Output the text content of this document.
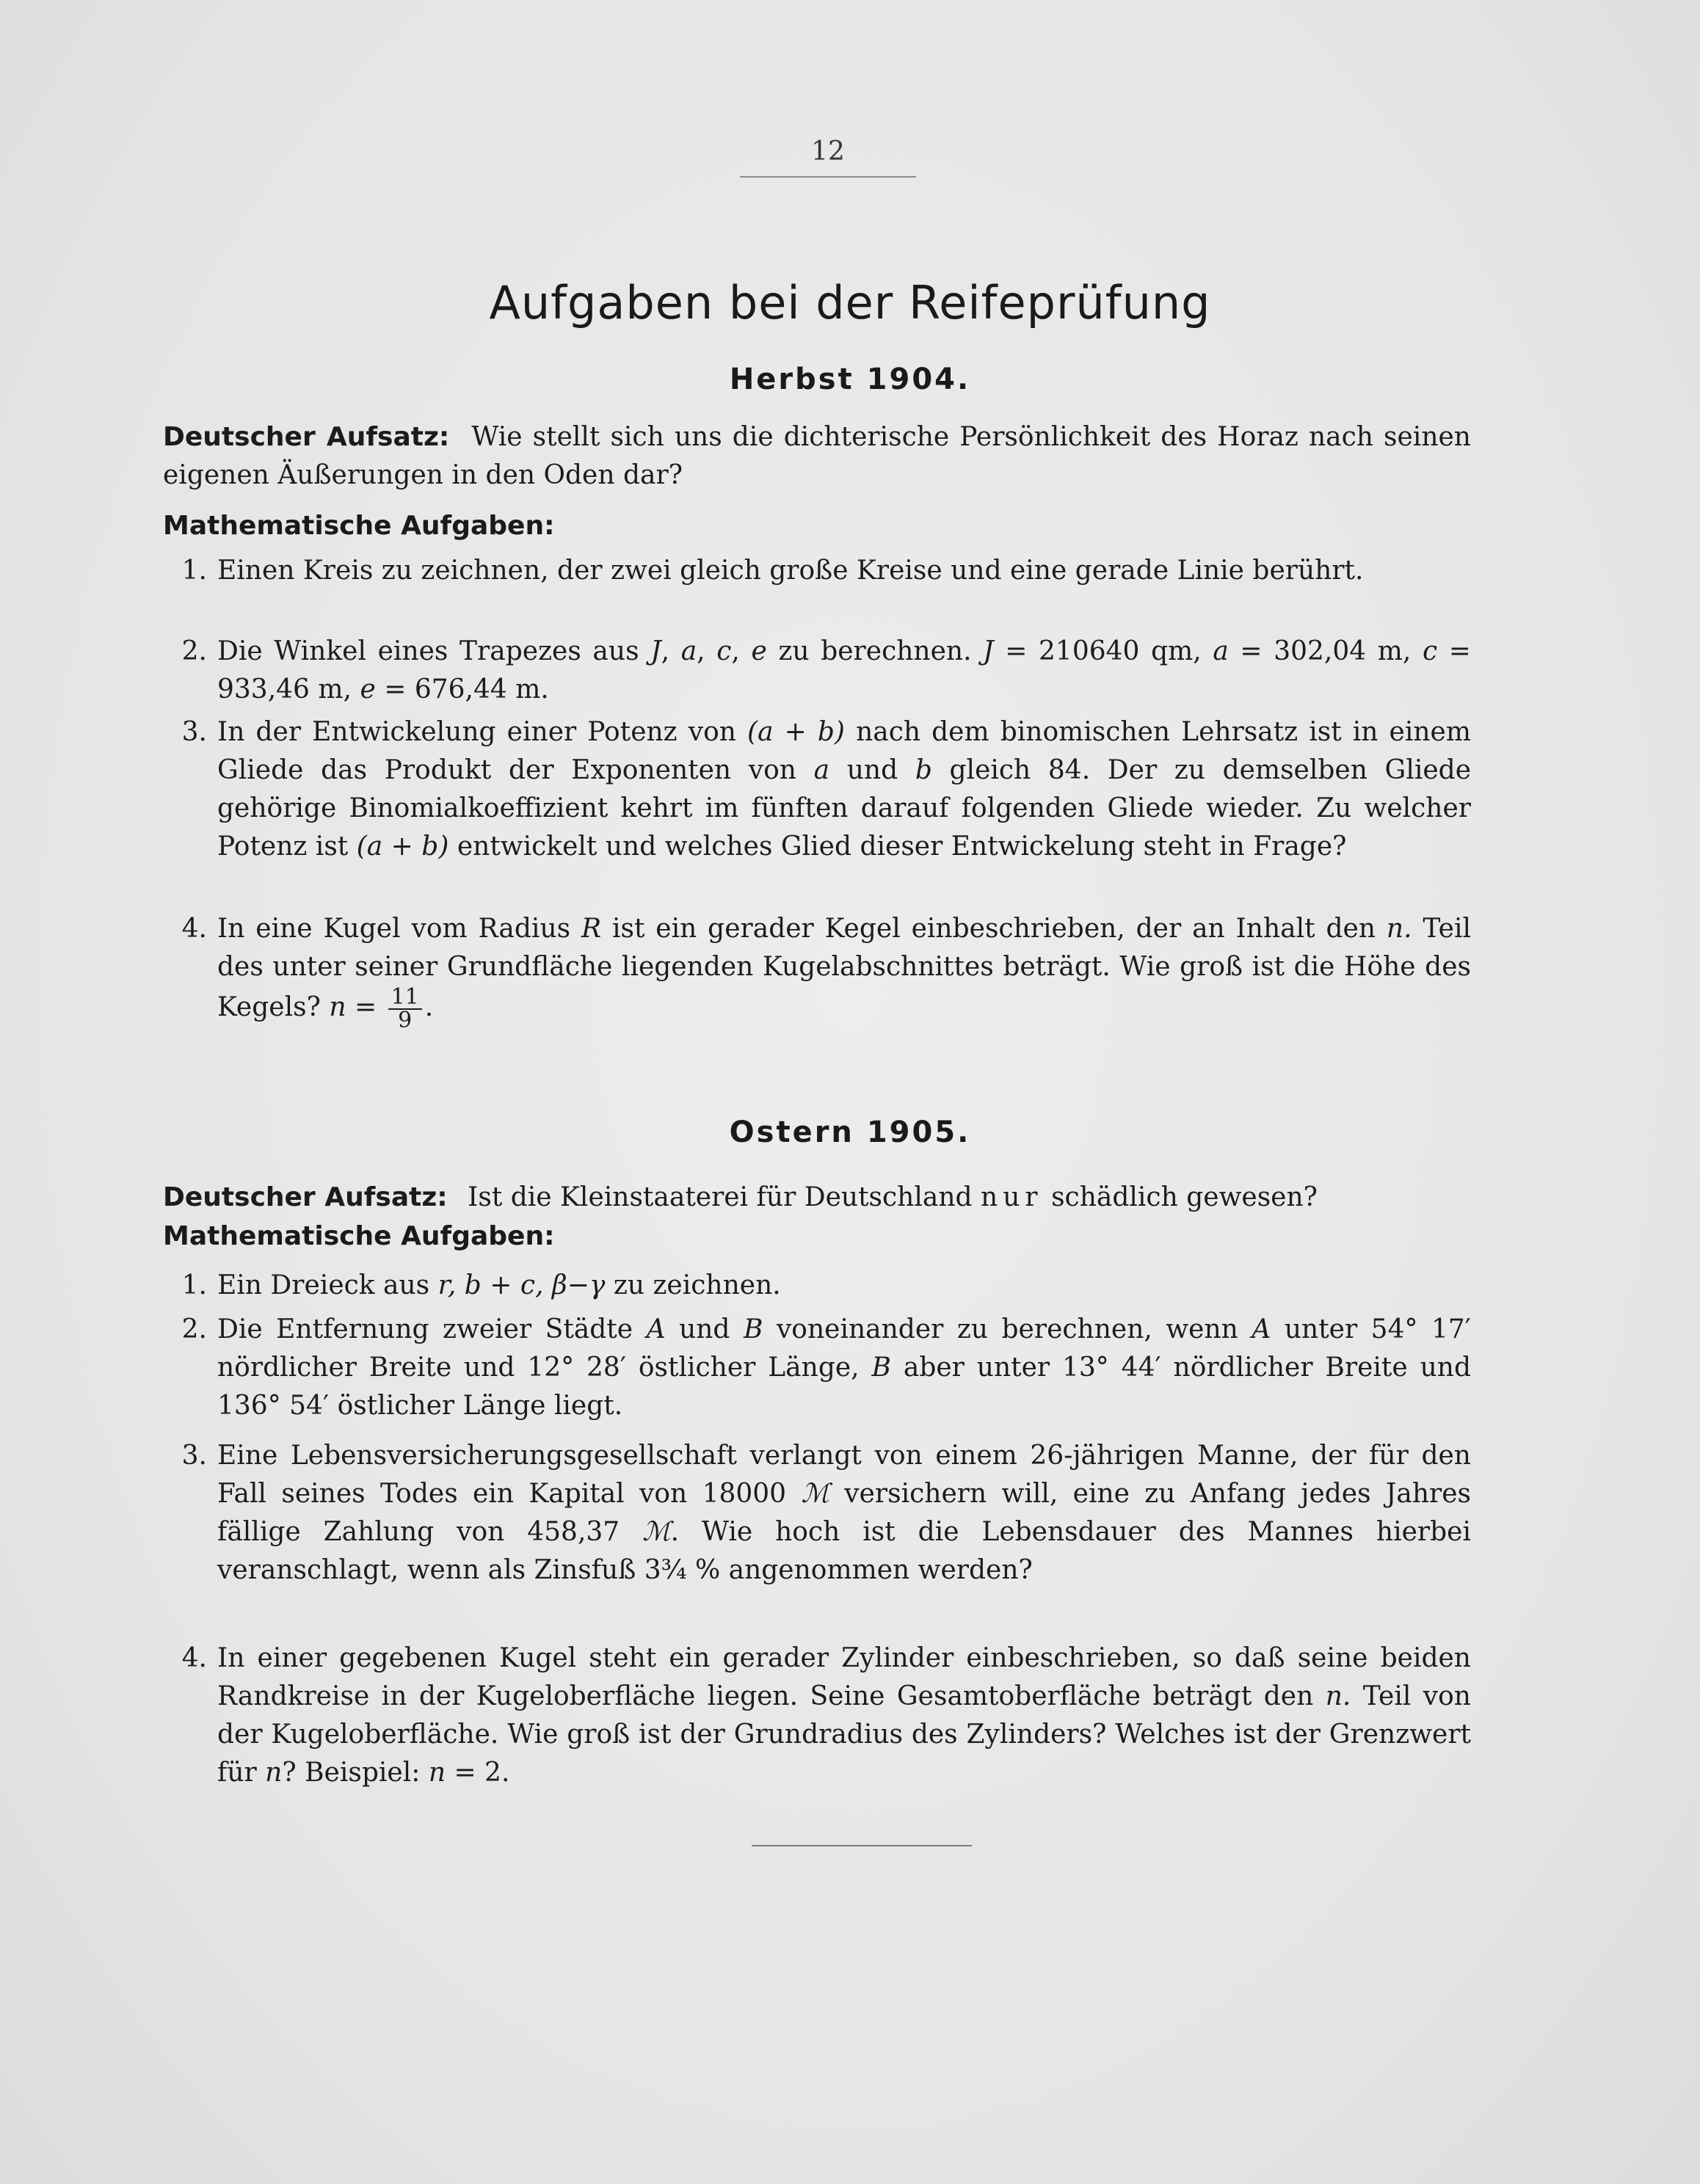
12
Aufgaben bei der Reifeprüfung
Herbst 1904.
Deutscher Aufsatz: Wie stellt sich uns die dichterische Persönlichkeit des Horaz nach seinen eigenen Äußerungen in den Oden dar?
Mathematische Aufgaben:
1. Einen Kreis zu zeichnen, der zwei gleich große Kreise und eine gerade Linie berührt.
2. Die Winkel eines Trapezes aus J, a, c, e zu berechnen. J = 210640 qm, a = 302,04 m, c = 933,46 m, e = 676,44 m.
3. In der Entwickelung einer Potenz von (a + b) nach dem binomischen Lehrsatz ist in einem Gliede das Produkt der Exponenten von a und b gleich 84. Der zu demselben Gliede gehörige Binomialkoeffizient kehrt im fünften darauf folgenden Gliede wieder. Zu welcher Potenz ist (a + b) entwickelt und welches Glied dieser Entwickelung steht in Frage?
4. In eine Kugel vom Radius R ist ein gerader Kegel einbeschrieben, der an Inhalt den n. Teil des unter seiner Grundfläche liegenden Kugelabschnittes beträgt. Wie groß ist die Höhe des Kegels? $n = \frac{11}{9}$ .
Ostern 1905.
Deutscher Aufsatz: Ist die Kleinstaaterei für Deutschland nur schädlich gewesen?
Mathematische Aufgaben:
1. Ein Dreieck aus r, b + c, β−γ zu zeichnen.
2. Die Entfernung zweier Städte A und B voneinander zu berechnen, wenn A unter 54° 17′ nördlicher Breite und 12° 28′ östlicher Länge, B aber unter 13° 44′ nördlicher Breite und 136° 54′ östlicher Länge liegt.
3. Eine Lebensversicherungsgesellschaft verlangt von einem 26-jährigen Manne, der für den Fall seines Todes ein Kapital von 18000 ℳ versichern will, eine zu Anfang jedes Jahres fällige Zahlung von 458,37 ℳ. Wie hoch ist die Lebensdauer des Mannes hierbei veranschlagt, wenn als Zinsfuß 3¾ % angenommen werden?
4. In einer gegebenen Kugel steht ein gerader Zylinder einbeschrieben, so daß seine beiden Randkreise in der Kugeloberfläche liegen. Seine Gesamtoberfläche beträgt den n. Teil von der Kugeloberfläche. Wie groß ist der Grundradius des Zylinders? Welches ist der Grenzwert für n? Beispiel: n = 2.
